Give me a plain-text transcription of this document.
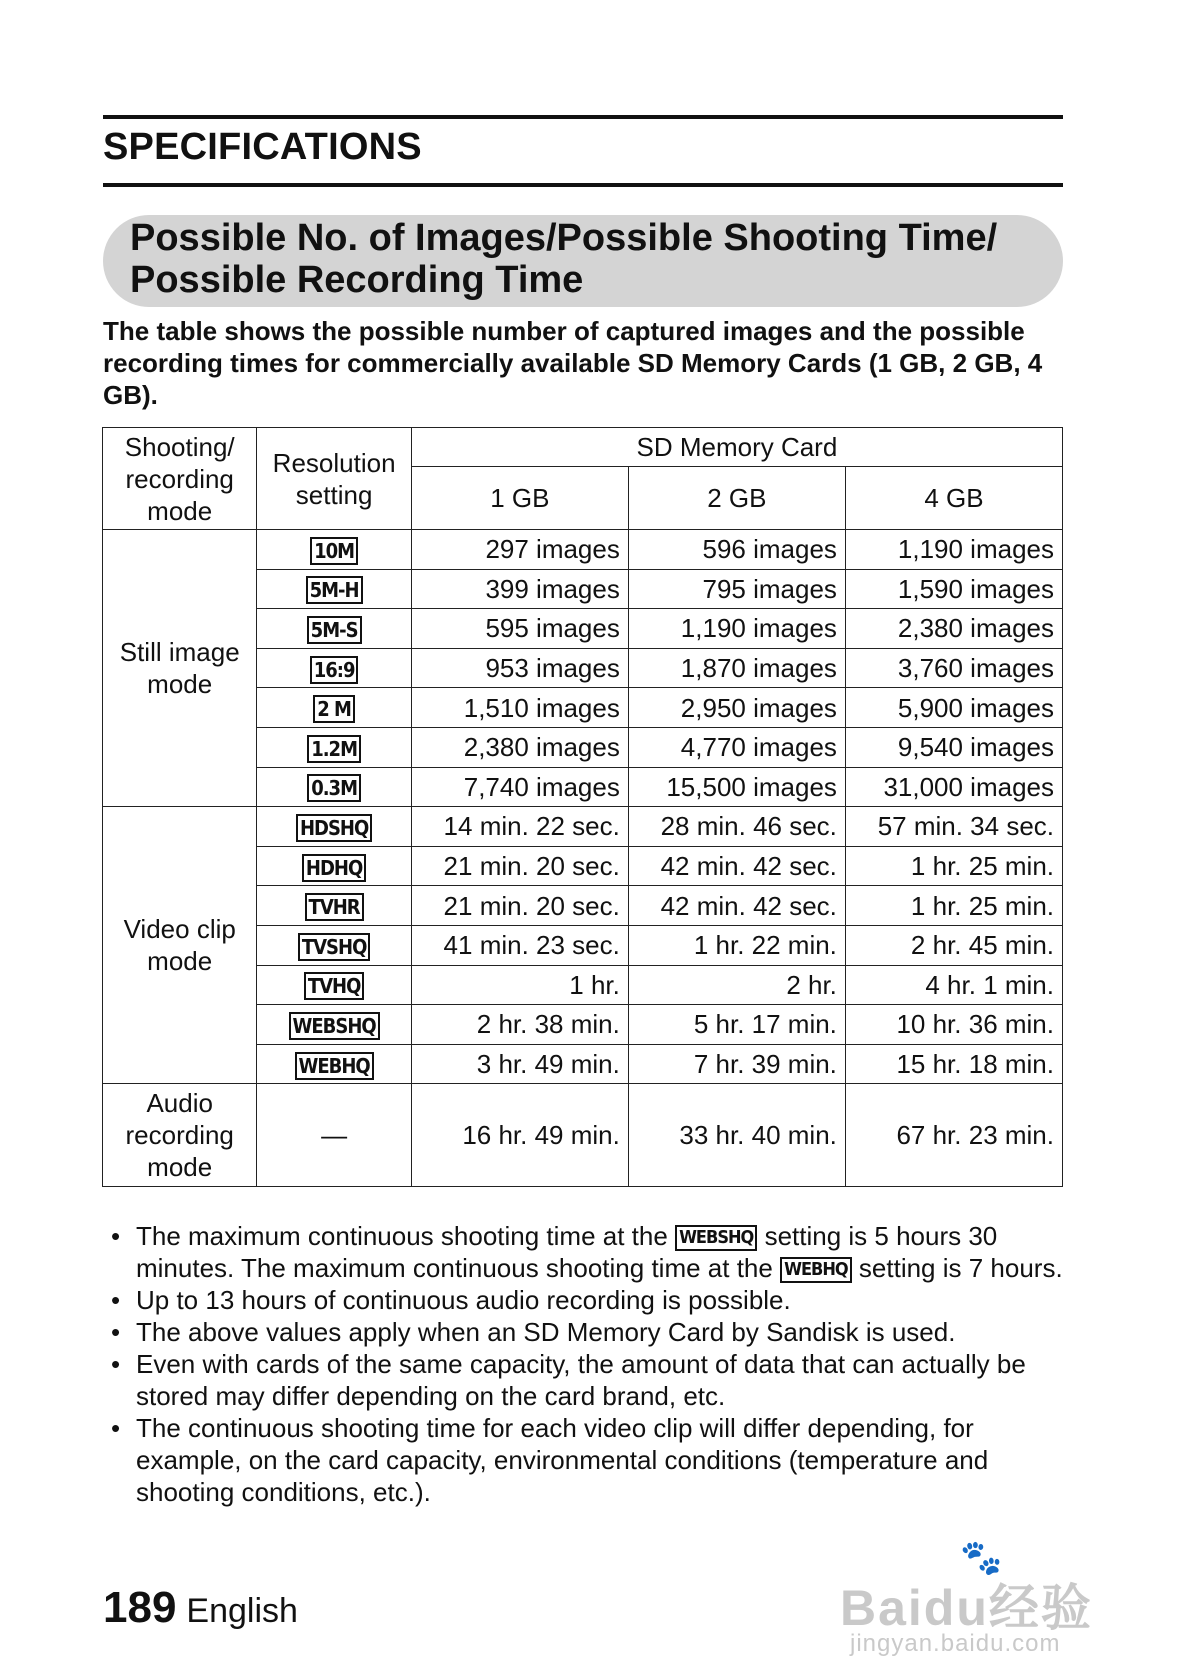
SPECIFICATIONS
Possible No. of Images/Possible Shooting Time/
Possible Recording Time
The table shows the possible number of captured images and the possible recording times for commercially available SD Memory Cards (1 GB, 2 GB, 4 GB).
Shooting/ recording mode	Resolution setting	SD Memory Card		
		1 GB	2 GB	4 GB
Still image mode	10M	297 images	596 images	1,190 images
	5M-H	399 images	795 images	1,590 images
	5M-S	595 images	1,190 images	2,380 images
	16:9	953 images	1,870 images	3,760 images
	2 M	1,510 images	2,950 images	5,900 images
	1.2M	2,380 images	4,770 images	9,540 images
	0.3M	7,740 images	15,500 images	31,000 images
Video clip mode	HDSHQ	14 min. 22 sec.	28 min. 46 sec.	57 min. 34 sec.
	HDHQ	21 min. 20 sec.	42 min. 42 sec.	1 hr. 25 min.
	TVHR	21 min. 20 sec.	42 min. 42 sec.	1 hr. 25 min.
	TVSHQ	41 min. 23 sec.	1 hr. 22 min.	2 hr. 45 min.
	TVHQ	1 hr.	2 hr.	4 hr. 1 min.
	WEBSHQ	2 hr. 38 min.	5 hr. 17 min.	10 hr. 36 min.
	WEBHQ	3 hr. 49 min.	7 hr. 39 min.	15 hr. 18 min.
Audio recording mode	—	16 hr. 49 min.	33 hr. 40 min.	67 hr. 23 min.
• The maximum continuous shooting time at the WEBSHQ setting is 5 hours 30 minutes. The maximum continuous shooting time at the WEBHQ setting is 7 hours.
• Up to 13 hours of continuous audio recording is possible.
• The above values apply when an SD Memory Card by Sandisk is used.
• Even with cards of the same capacity, the amount of data that can actually be stored may differ depending on the card brand, etc.
• The continuous shooting time for each video clip will differ depending, for example, on the card capacity, environmental conditions (temperature and shooting conditions, etc.).
189 English
🐾
Baidu经验
jingyan.baidu.com
